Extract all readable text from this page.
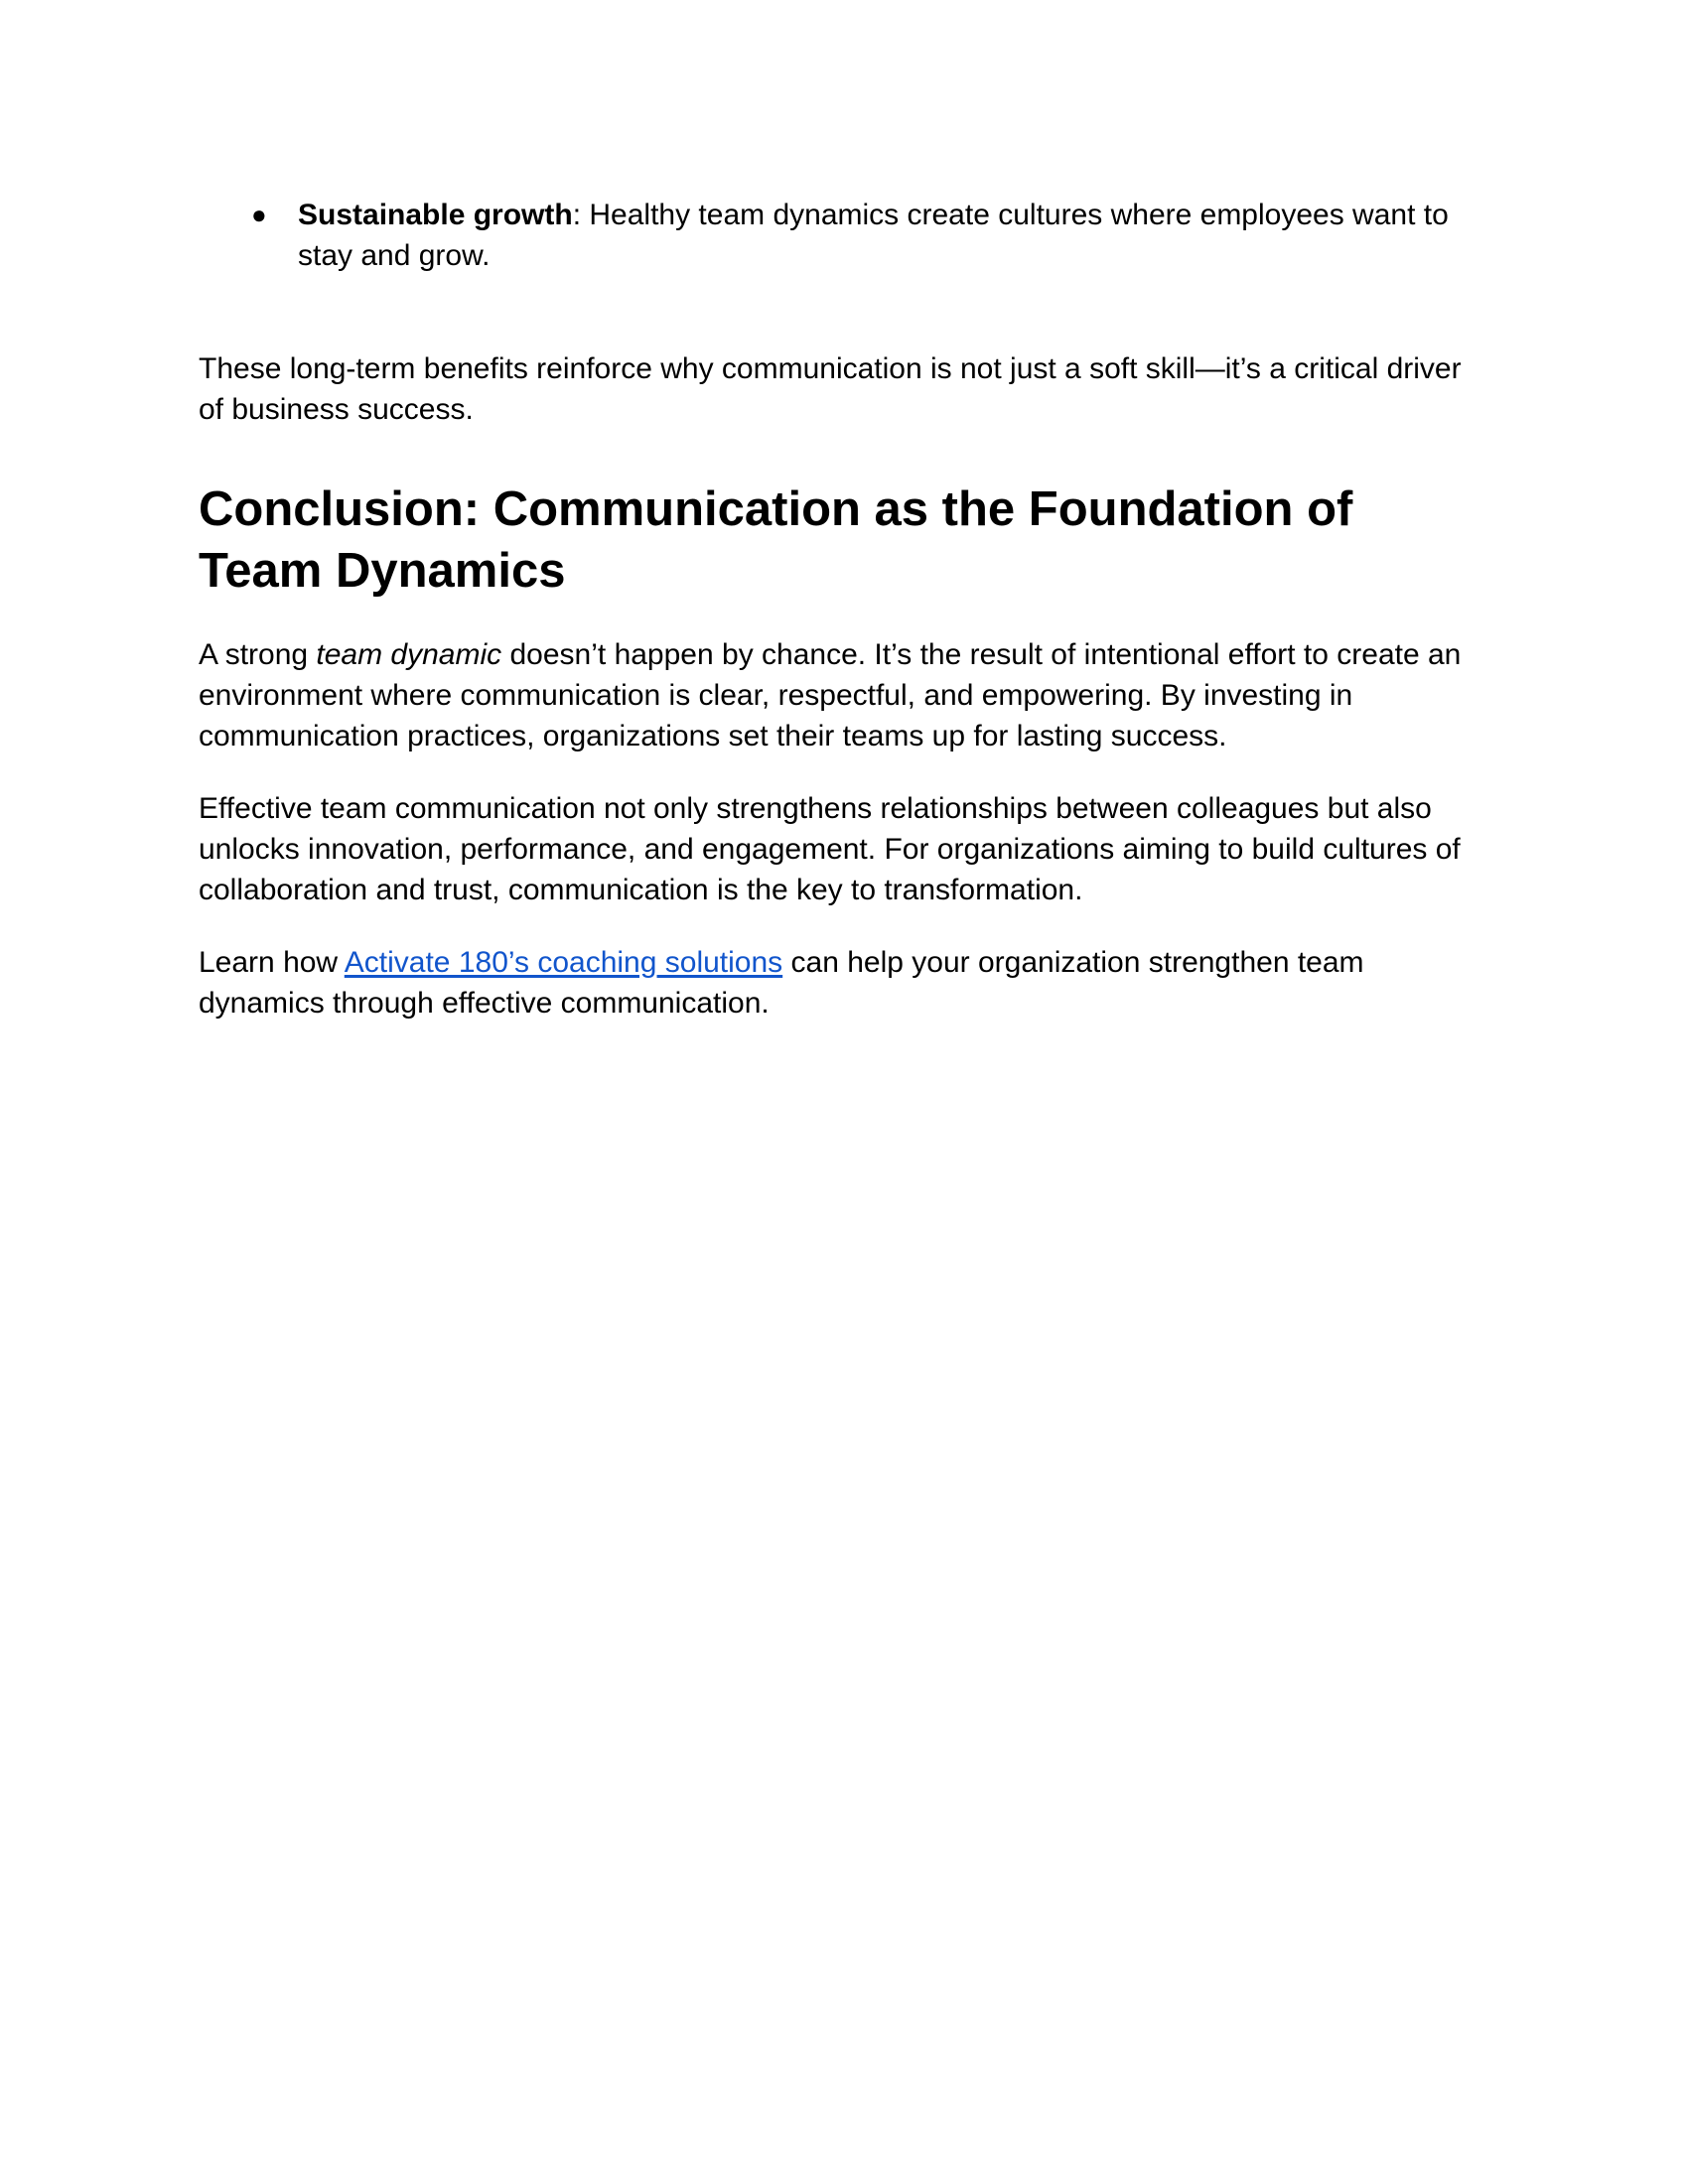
● Sustainable growth: Healthy team dynamics create cultures where employees want to stay and grow.

These long-term benefits reinforce why communication is not just a soft skill—it’s a critical driver of business success.

Conclusion: Communication as the Foundation of Team Dynamics

A strong team dynamic doesn’t happen by chance. It’s the result of intentional effort to create an environment where communication is clear, respectful, and empowering. By investing in communication practices, organizations set their teams up for lasting success.

Effective team communication not only strengthens relationships between colleagues but also unlocks innovation, performance, and engagement. For organizations aiming to build cultures of collaboration and trust, communication is the key to transformation.

Learn how Activate 180’s coaching solutions can help your organization strengthen team dynamics through effective communication.
